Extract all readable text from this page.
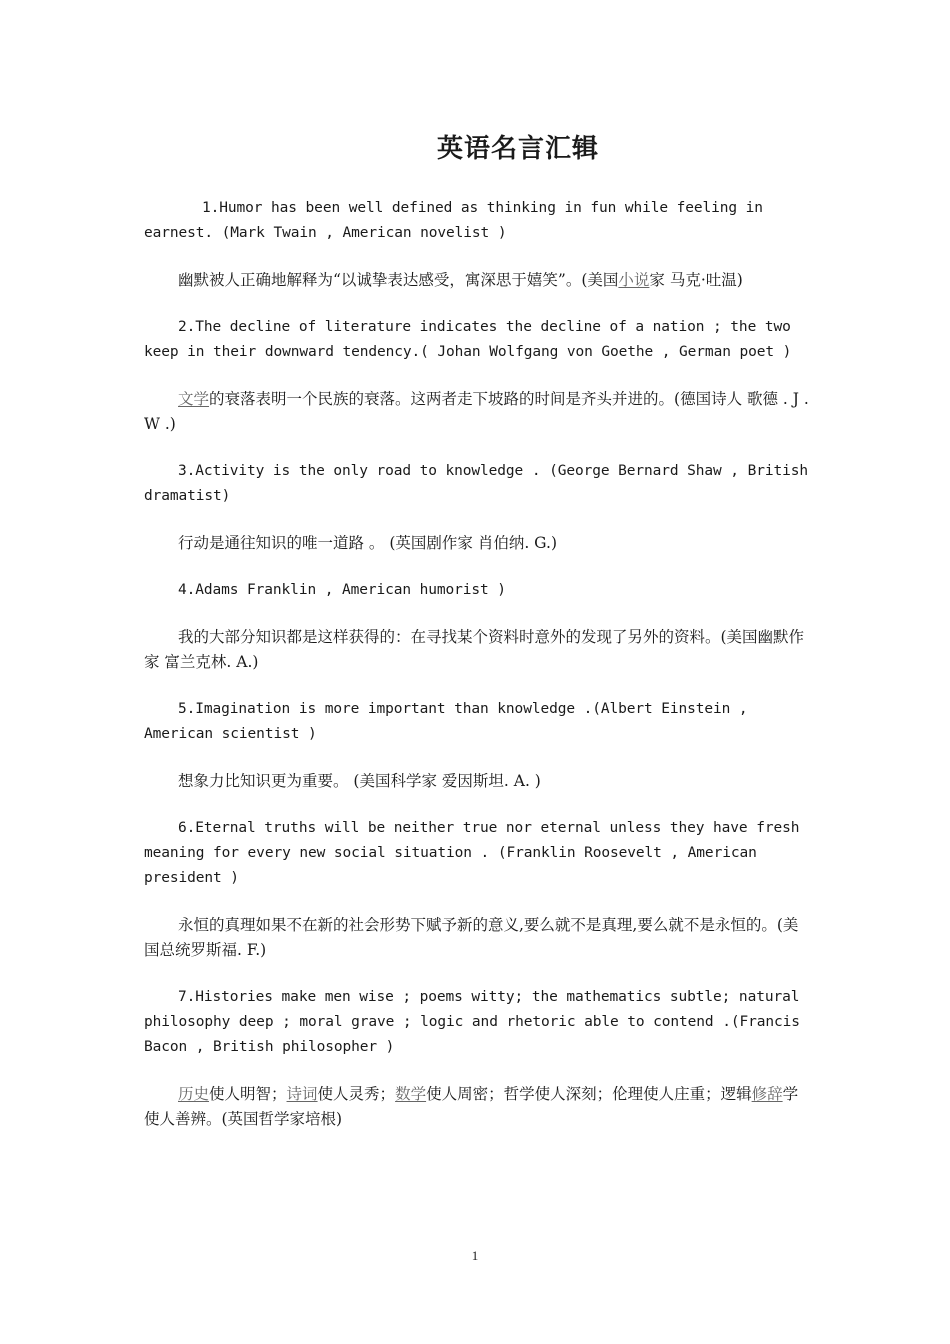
英语名言汇辑

1.Humor has been well defined as thinking in fun while feeling in earnest. (Mark Twain , American novelist )

幽默被人正确地解释为“以诚挚表达感受，寓深思于嬉笑”。(美国小说家 马克·吐温)

2.The decline of literature indicates the decline of a nation ; the two keep in their downward tendency.( Johan Wolfgang von Goethe , German poet )

文学的衰落表明一个民族的衰落。这两者走下坡路的时间是齐头并进的。(德国诗人 歌德 . J . W .)

3.Activity is the only road to knowledge . (George Bernard Shaw , British dramatist)

行动是通往知识的唯一道路 。 (英国剧作家 肖伯纳. G.)

4.Adams Franklin , American humorist )

我的大部分知识都是这样获得的：在寻找某个资料时意外的发现了另外的资料。(美国幽默作家 富兰克林. A.)

5.Imagination is more important than knowledge .(Albert Einstein , American scientist )

想象力比知识更为重要。 (美国科学家 爱因斯坦. A. )

6.Eternal truths will be neither true nor eternal unless they have fresh meaning for every new social situation . (Franklin Roosevelt , American president )

永恒的真理如果不在新的社会形势下赋予新的意义,要么就不是真理,要么就不是永恒的。(美国总统罗斯福. F.)

7.Histories make men wise ; poems witty; the mathematics subtle; natural philosophy deep ; moral grave ; logic and rhetoric able to contend .(Francis Bacon , British philosopher )

历史使人明智；诗词使人灵秀；数学使人周密；哲学使人深刻；伦理使人庄重；逻辑修辞学使人善辨。(英国哲学家培根)

1
